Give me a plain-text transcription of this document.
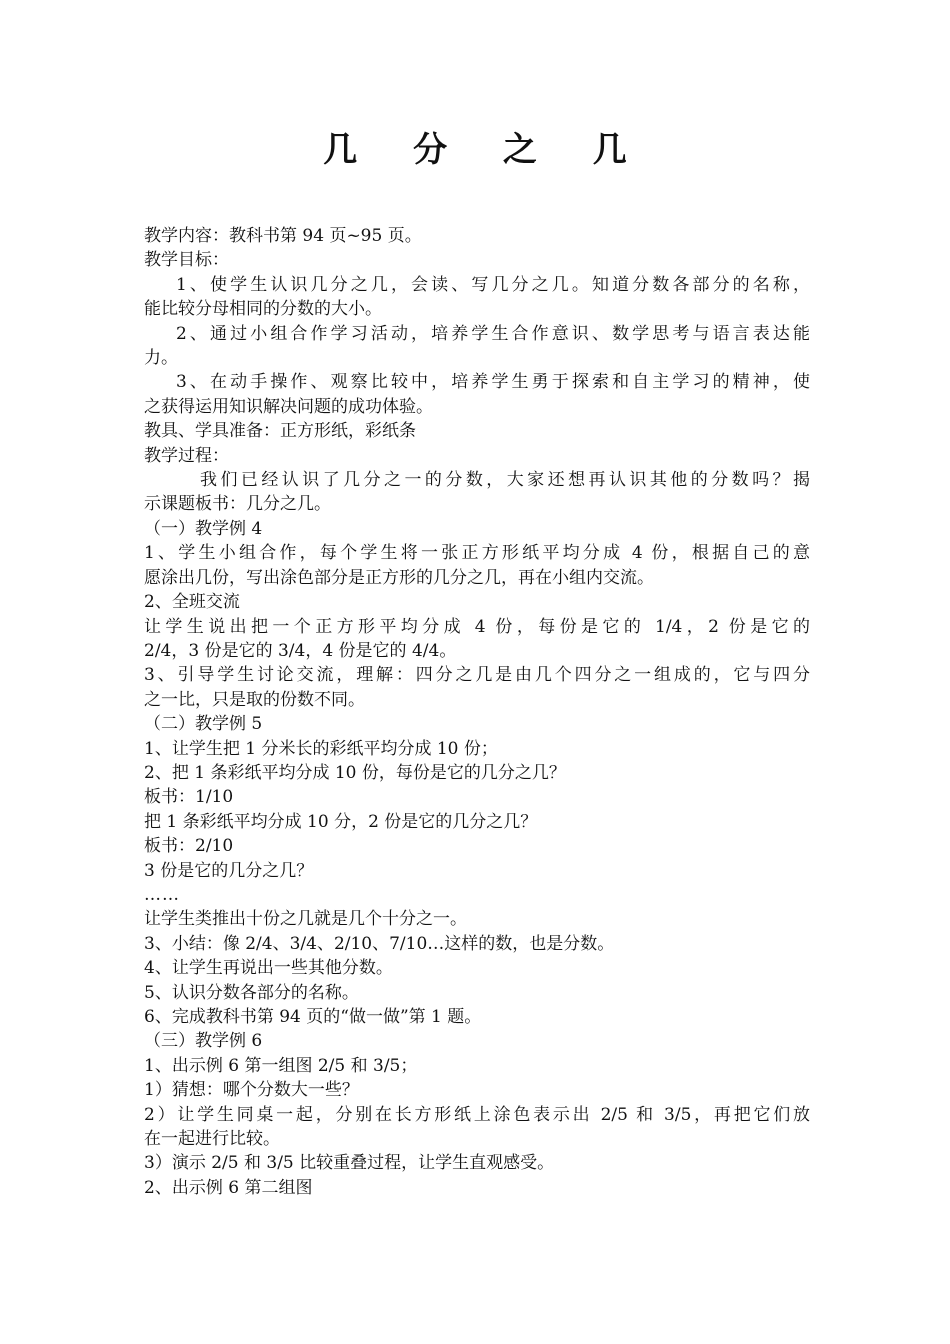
几 分 之 几
教学内容：教科书第 94 页~95 页。
教学目标：
1、使学生认识几分之几，会读、写几分之几。知道分数各部分的名称，
能比较分母相同的分数的大小。
2、通过小组合作学习活动，培养学生合作意识、数学思考与语言表达能
力。
3、在动手操作、观察比较中，培养学生勇于探索和自主学习的精神，使
之获得运用知识解决问题的成功体验。
教具、学具准备：正方形纸，彩纸条
教学过程：
我们已经认识了几分之一的分数，大家还想再认识其他的分数吗？揭
示课题板书：几分之几。
（一）教学例 4
1、学生小组合作，每个学生将一张正方形纸平均分成 4 份，根据自己的意
愿涂出几份，写出涂色部分是正方形的几分之几，再在小组内交流。
2、全班交流
让学生说出把一个正方形平均分成 4 份，每份是它的 1/4，2 份是它的
2/4，3 份是它的 3/4，4 份是它的 4/4。
3、引导学生讨论交流，理解：四分之几是由几个四分之一组成的，它与四分
之一比，只是取的份数不同。
（二）教学例 5
1、让学生把 1 分米长的彩纸平均分成 10 份；
2、把 1 条彩纸平均分成 10 份，每份是它的几分之几？
板书：1/10
把 1 条彩纸平均分成 10 分，2 份是它的几分之几？
板书：2/10
3 份是它的几分之几？
……
让学生类推出十份之几就是几个十分之一。
3、小结：像 2/4、3/4、2/10、7/10…这样的数，也是分数。
4、让学生再说出一些其他分数。
5、认识分数各部分的名称。
6、完成教科书第 94 页的“做一做”第 1 题。
（三）教学例 6
1、出示例 6 第一组图 2/5 和 3/5；
1）猜想：哪个分数大一些？
2）让学生同桌一起，分别在长方形纸上涂色表示出 2/5 和 3/5，再把它们放
在一起进行比较。
3）演示 2/5 和 3/5 比较重叠过程，让学生直观感受。
2、出示例 6 第二组图
